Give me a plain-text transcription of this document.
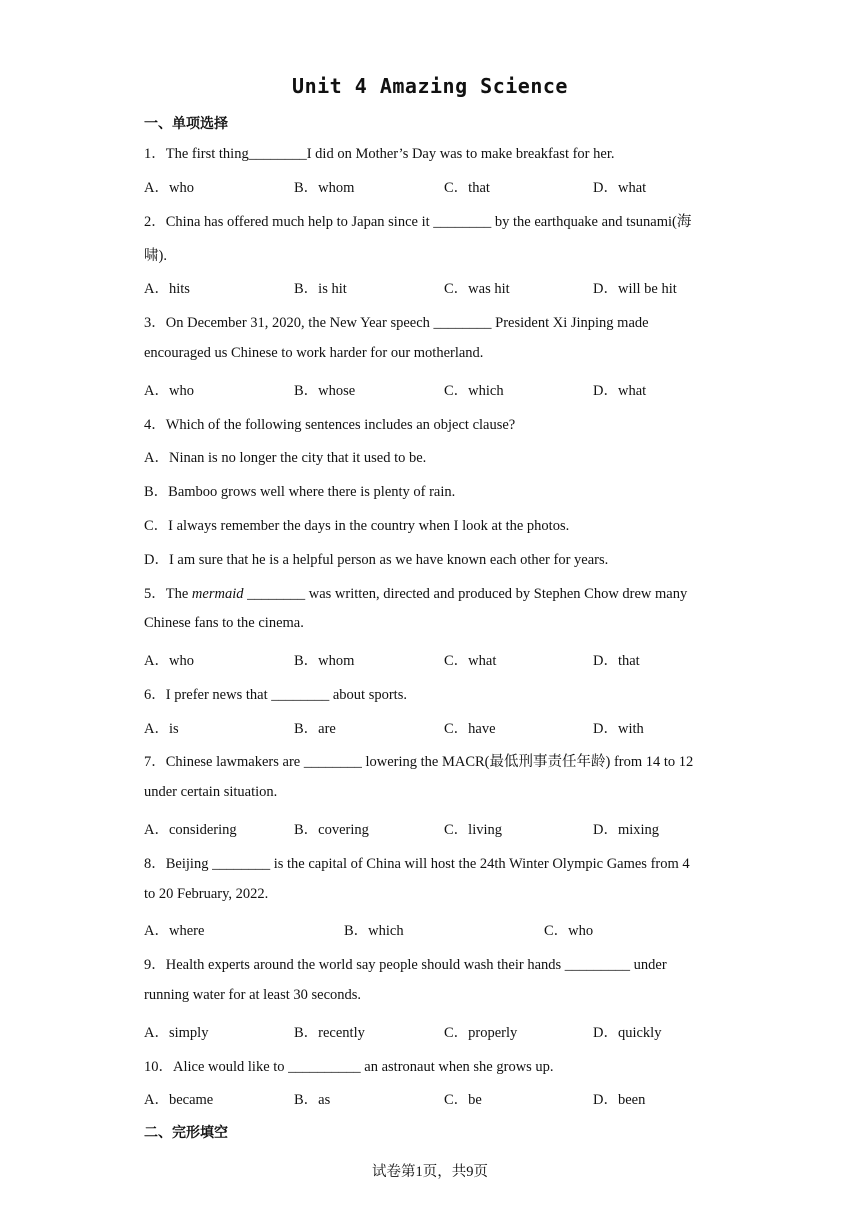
Unit 4 Amazing Science
一、单项选择
1．The first thing________I did on Mother’s Day was to make breakfast for her.
A．who	B．whom	C．that	D．what
2．China has offered much help to Japan since it ________ by the earthquake and tsunami(海
啸).
A．hits	B．is hit	C．was hit	D．will be hit
3．On December 31, 2020, the New Year speech ________ President Xi Jinping made
encouraged us Chinese to work harder for our motherland.
A．who	B．whose	C．which	D．what
4．Which of the following sentences includes an object clause?
A．Ninan is no longer the city that it used to be.
B．Bamboo grows well where there is plenty of rain.
C．I always remember the days in the country when I look at the photos.
D．I am sure that he is a helpful person as we have known each other for years.
5．The mermaid ________ was written, directed and produced by Stephen Chow drew many
Chinese fans to the cinema.
A．who	B．whom	C．what	D．that
6．I prefer news that ________ about sports.
A．is	B．are	C．have	D．with
7．Chinese lawmakers are ________ lowering the MACR(最低刑事责任年龄) from 14 to 12
under certain situation.
A．considering	B．covering	C．living	D．mixing
8．Beijing ________ is the capital of China will host the 24th Winter Olympic Games from 4
to 20 February, 2022.
A．where	B．which	C．who
9．Health experts around the world say people should wash their hands _________ under
running water for at least 30 seconds.
A．simply	B．recently	C．properly	D．quickly
10．Alice would like to __________ an astronaut when she grows up.
A．became	B．as	C．be	D．been
二、完形填空
试卷第1页，共9页
